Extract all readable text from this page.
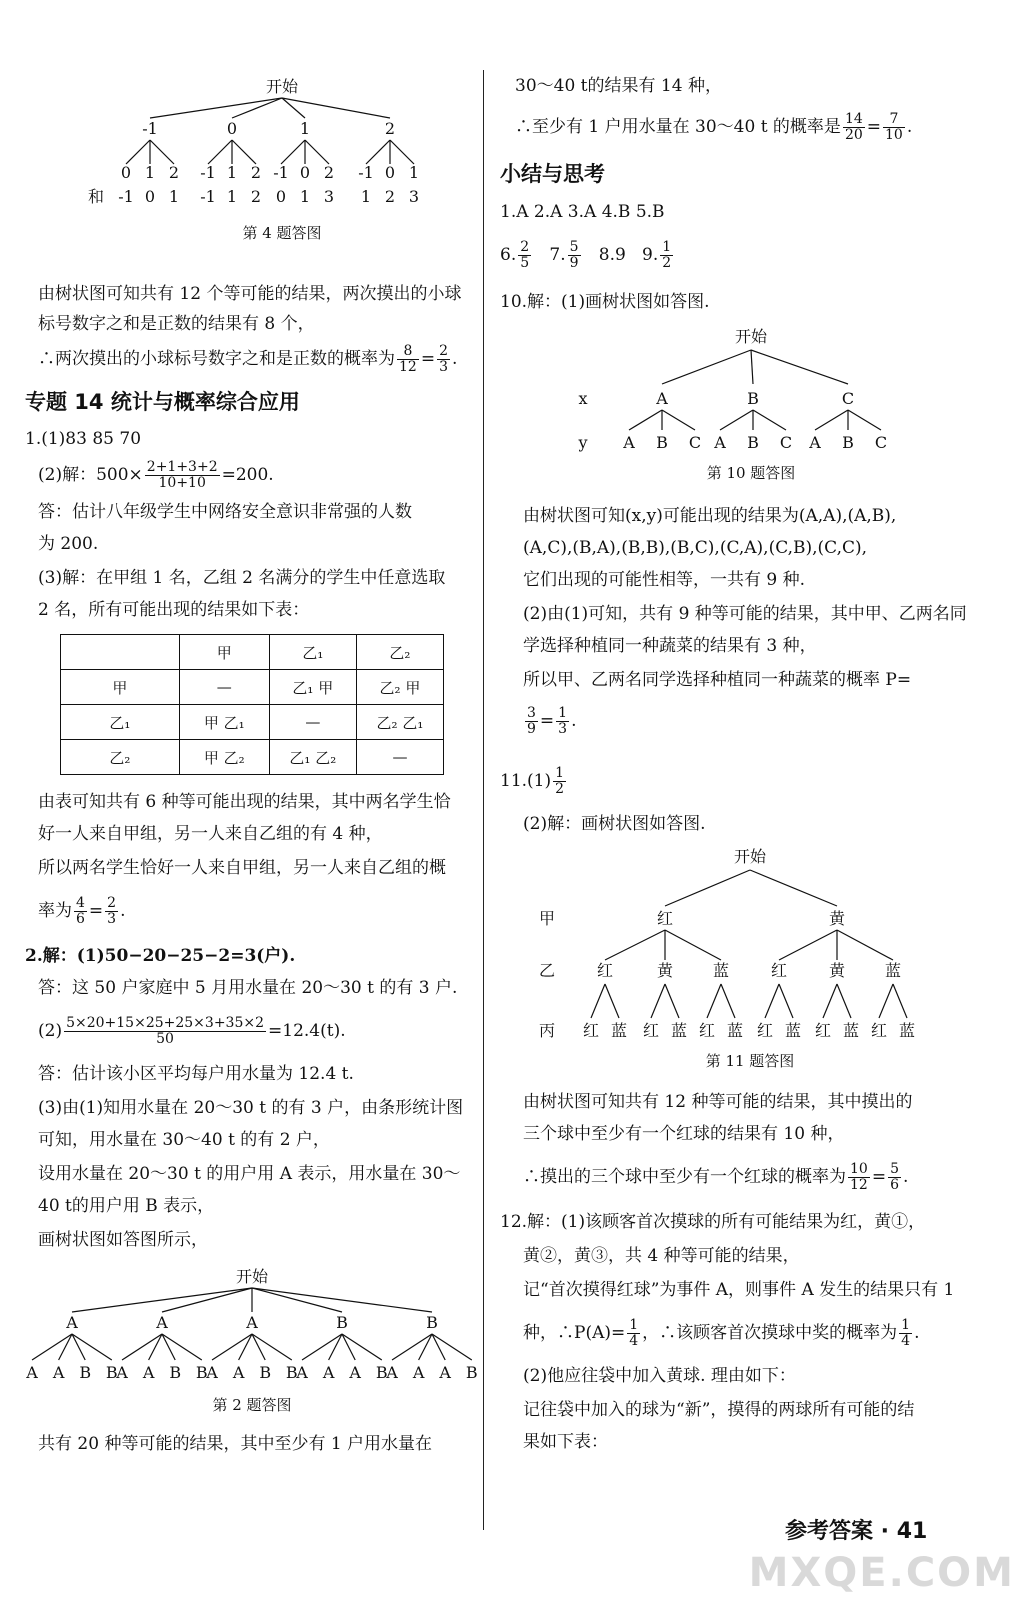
开始
-1	0	1	2
0
-1
1
0
2
1
-1
-1
1
1
2
2
-1
0
0
1
2
3
-1
1
0
2
1
3
和
第 4 题答图
由树状图可知共有 12 个等可能的结果，两次摸出的小球
标号数字之和是正数的结果有 8 个，
∴两次摸出的小球标号数字之和是正数的概率为 $\frac{8}{12} = \frac{2}{3}$ .
专题 14 统计与概率综合应用
1.(1)83 85 70
(2)解：$500\times \frac{2+1+3+2}{10+10} =200$.
答：估计八年级学生中网络安全意识非常强的人数
为 200.
(3)解：在甲组 1 名，乙组 2 名满分的学生中任意选取
2 名，所有可能出现的结果如下表：
	甲	乙₁	乙₂
甲	—	乙₁ 甲	乙₂ 甲
乙₁	甲 乙₁	—	乙₂ 乙₁
乙₂	甲 乙₂	乙₁ 乙₂	—
由表可知共有 6 种等可能出现的结果，其中两名学生恰
好一人来自甲组，另一人来自乙组的有 4 种，
所以两名学生恰好一人来自甲组，另一人来自乙组的概
率为 $\frac{4}{6} = \frac{2}{3}$ .
2.解：(1)50−20−25−2=3(户).
答：这 50 户家庭中 5 月用水量在 20～30 t 的有 3 户.
$(2) \frac{5\times 20+15\times 25+25\times 3+35\times 2}{50} =12.4(t)$.
答：估计该小区平均每户用水量为 12.4 t.
(3)由(1)知用水量在 20～30 t 的有 3 户，由条形统计图
可知，用水量在 30～40 t 的有 2 户，
设用水量在 20～30 t 的用户用 A 表示，用水量在 30～
40 t的用户用 B 表示，
画树状图如答图所示，
开始
A	A	A	B	B
A A B B
A A B B
A A B B
A A A B
A A A B
第 2 题答图
共有 20 种等可能的结果，其中至少有 1 户用水量在
30～40 t的结果有 14 种，
∴至少有 1 户用水量在 30～40 t 的概率是 $\frac{14}{20} = \frac{7}{10}$ .
小结与思考
1.A 2.A 3.A 4.B 5.B
6. $\frac{2}{5} 7$. $\frac{5}{9} 8.9$ 9. $\frac{1}{2}$
10.解：(1)画树状图如答图.
开始
x
y
A	B	C
A B C A B C A B C
第 10 题答图
由树状图可知(x,y)可能出现的结果为(A,A),(A,B),
(A,C),(B,A),(B,B),(B,C),(C,A),(C,B),(C,C),
它们出现的可能性相等，一共有 9 种.
(2)由(1)可知，共有 9 种等可能的结果，其中甲、乙两名同
学选择种植同一种蔬菜的结果有 3 种，
所以甲、乙两名同学选择种植同一种蔬菜的概率 P=
$\frac{3}{9} = \frac{1}{3}$ .
$11.(1) \frac{1}{2}$
(2)解：画树状图如答图.
开始
甲
乙
丙
红	黄
红	黄 蓝	红	黄 蓝
红 蓝 红 蓝 红 蓝 红 蓝 红 蓝 红 蓝
第 11 题答图
由树状图可知共有 12 种等可能的结果，其中摸出的
三个球中至少有一个红球的结果有 10 种，
∴摸出的三个球中至少有一个红球的概率为 $\frac{10}{12} = \frac{5}{6}$ .
12.解：(1)该顾客首次摸球的所有可能结果为红，黄①，
黄②，黄③，共 4 种等可能的结果，
记“首次摸得红球”为事件 A，则事件 A 发生的结果只有 1
种，∴P(A)= $\frac{1}{4}$ ，∴该顾客首次摸球中奖的概率为 $\frac{1}{4}$ .
(2)他应往袋中加入黄球. 理由如下：
记往袋中加入的球为“新”，摸得的两球所有可能的结
果如下表：
参考答案 · 41
MXQE.COM
